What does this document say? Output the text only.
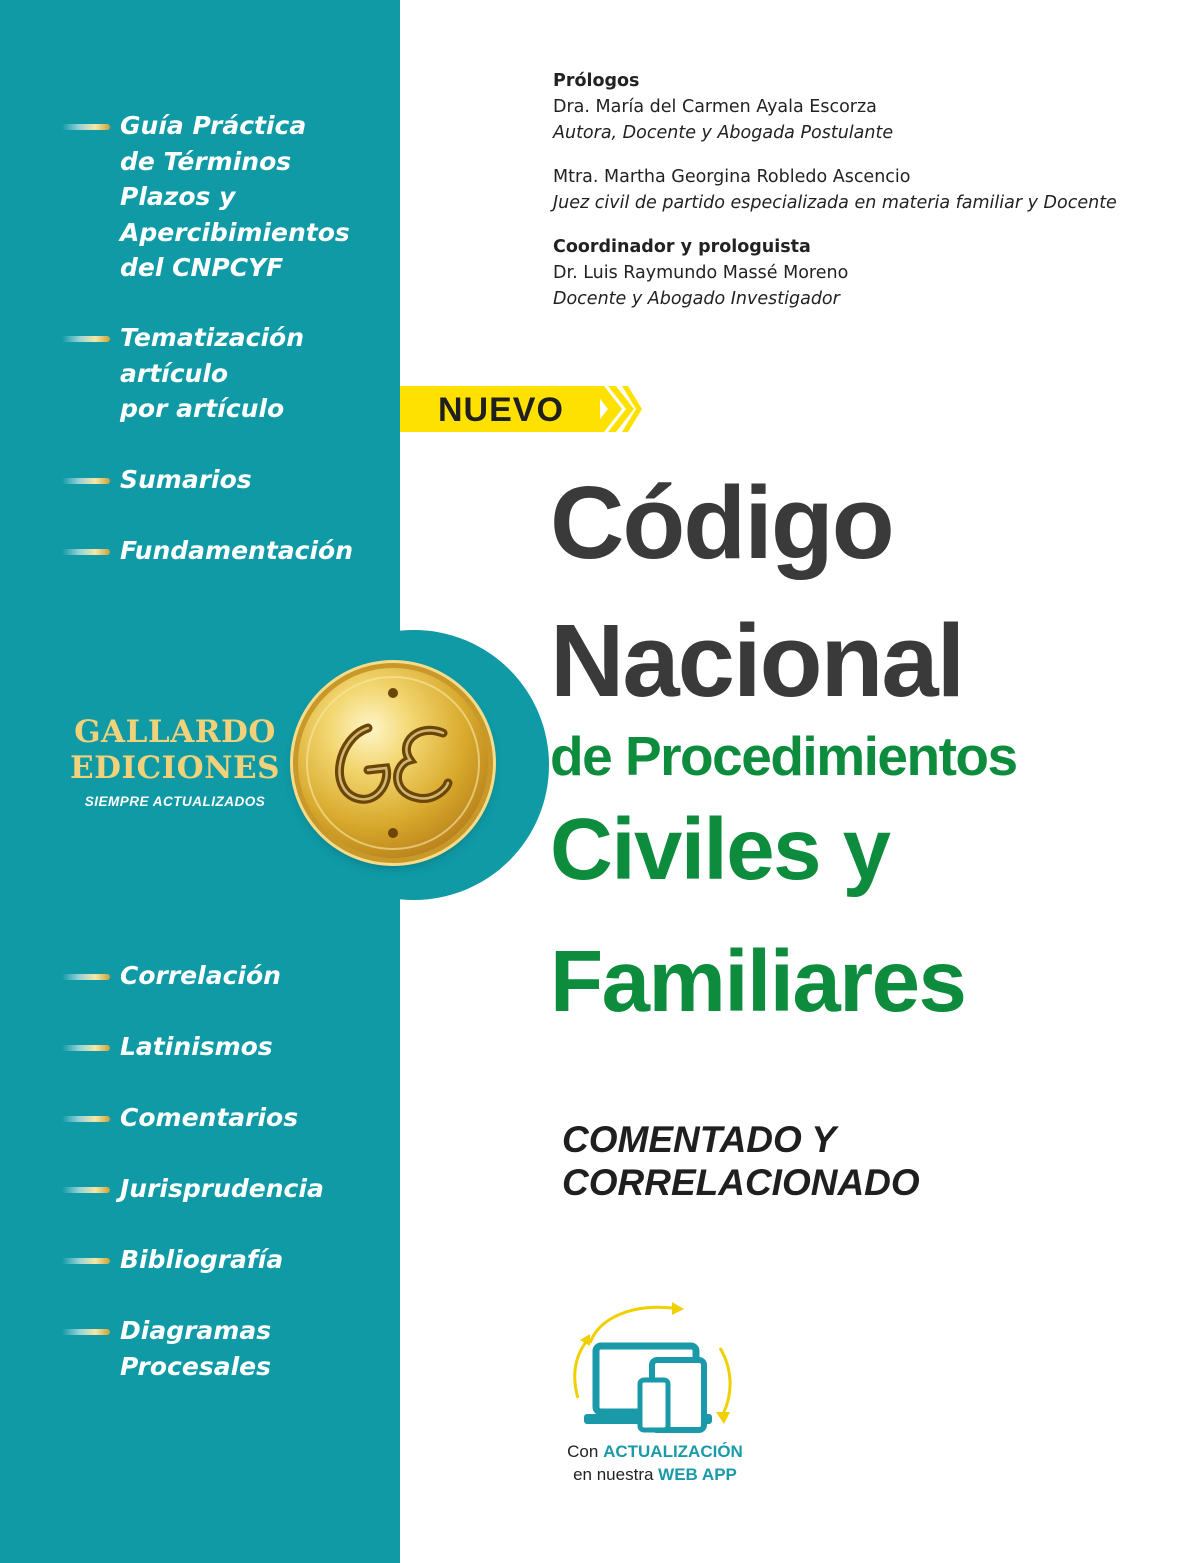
Guía Práctica
de Términos
Plazos y
Apercibimientos
del CNPCYF
Tematización
artículo
por artículo
Sumarios
Fundamentación
Correlación
Latinismos
Comentarios
Jurisprudencia
Bibliografía
Diagramas
Procesales
GALLARDO
EDICIONES
SIEMPRE ACTUALIZADOS
Prólogos
Dra. María del Carmen Ayala Escorza
Autora, Docente y Abogada Postulante
Mtra. Martha Georgina Robledo Ascencio
Juez civil de partido especializada en materia familiar y Docente
Coordinador y prologuista
Dr. Luis Raymundo Massé Moreno
Docente y Abogado Investigador
NUEVO
Código
Nacional
de Procedimientos
Civiles y
Familiares
COMENTADO Y
CORRELACIONADO
Con ACTUALIZACIÓN
en nuestra WEB APP
